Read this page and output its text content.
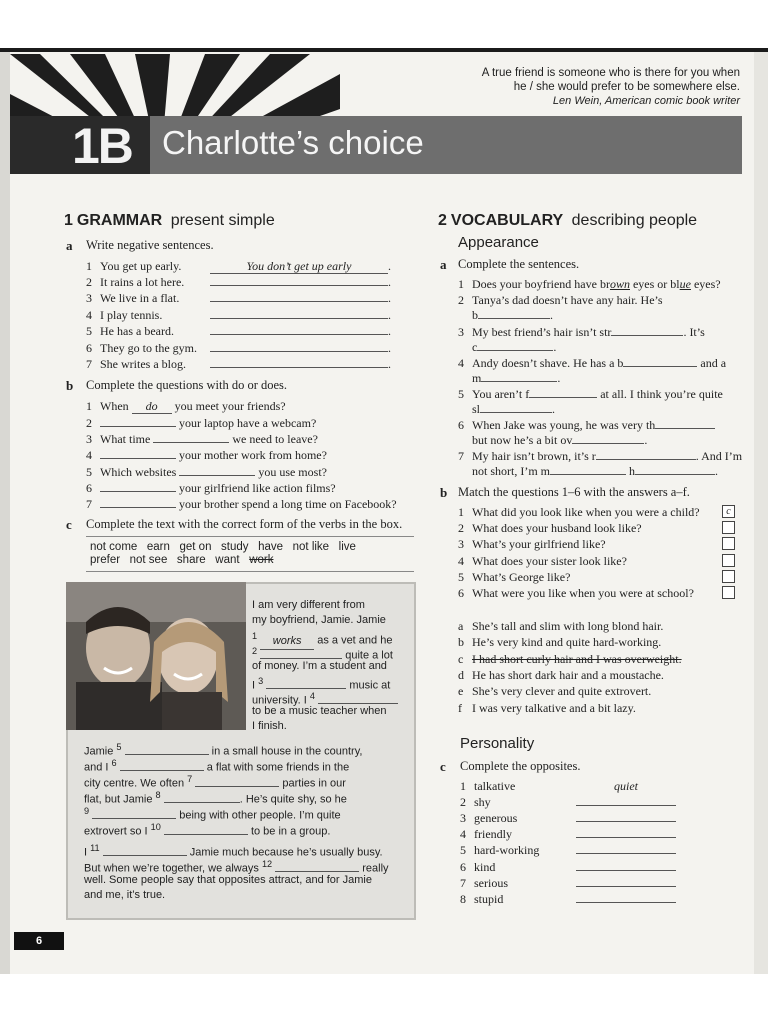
1B Charlotte’s choice
A true friend is someone who is there for you when
he / she would prefer to be somewhere else.
Len Wein, American comic book writer
1 GRAMMAR present simple
a Write negative sentences.
1 You get up early.	You don’t get up early	.
2 It rains a lot here.	.
3 We live in a flat.	.
4 I play tennis.	.
5 He has a beard.	.
6 They go to the gym.	.
7 She writes a blog.	.
b Complete the questions with do or does.
1 When do you meet your friends?
2	your laptop have a webcam?
3 What time	we need to leave?
4	your mother work from home?
5 Which websites	you use most?
6	your girlfriend like action films?
7	your brother spend a long time on Facebook?
c Complete the text with the correct form of the verbs in the box.
not come   earn   get on   study   have   not like   live
prefer   not see   share   want work
I am very different from
my boyfriend, Jamie. Jamie
$^1$ works as a vet and he
$^2$	quite a lot
of money. I’m a student and
I $^3$	music at
university. I $^4$
to be a music teacher when
I finish.
Jamie $^5$	in a small house in the country,
and I $^6$	a flat with some friends in the
city centre. We often $^7$	parties in our
flat, but Jamie $^8$	. He’s quite shy, so he
$^9$	being with other people. I’m quite
extrovert so I $^{10}$	to be in a group.
I $^{11}$	Jamie much because he’s usually busy.
But when we’re together, we always $^{12}$	really
well. Some people say that opposites attract, and for Jamie
and me, it’s true.
2 VOCABULARY describing people
Appearance
a Complete the sentences.
1 Does your boyfriend have brown eyes or blue eyes?
2 Tanya’s dad doesn’t have any hair. He’s
b	.
3 My best friend’s hair isn’t str	. It’s
c	.
4 Andy doesn’t shave. He has a b	and a
m	.
5 You aren’t f	at all. I think you’re quite
sl	.
6 When Jake was young, he was very th
but now he’s a bit ov	.
7 My hair isn’t brown, it’s r	. And I’m
not short, I’m m	h	.
b Match the questions 1–6 with the answers a–f.
1 What did you look like when you were a child?
2 What does your husband look like?
3 What’s your girlfriend like?
4 What does your sister look like?
5 What’s George like?
6 What were you like when you were at school?
c
a She’s tall and slim with long blond hair.
b He’s very kind and quite hard-working.
c I had short curly hair and I was overweight.
d He has short dark hair and a moustache.
e She’s very clever and quite extrovert.
f I was very talkative and a bit lazy.
Personality
c Complete the opposites.
1 talkative	quiet
2 shy
3 generous
4 friendly
5 hard-working
6 kind
7 serious
8 stupid
6
